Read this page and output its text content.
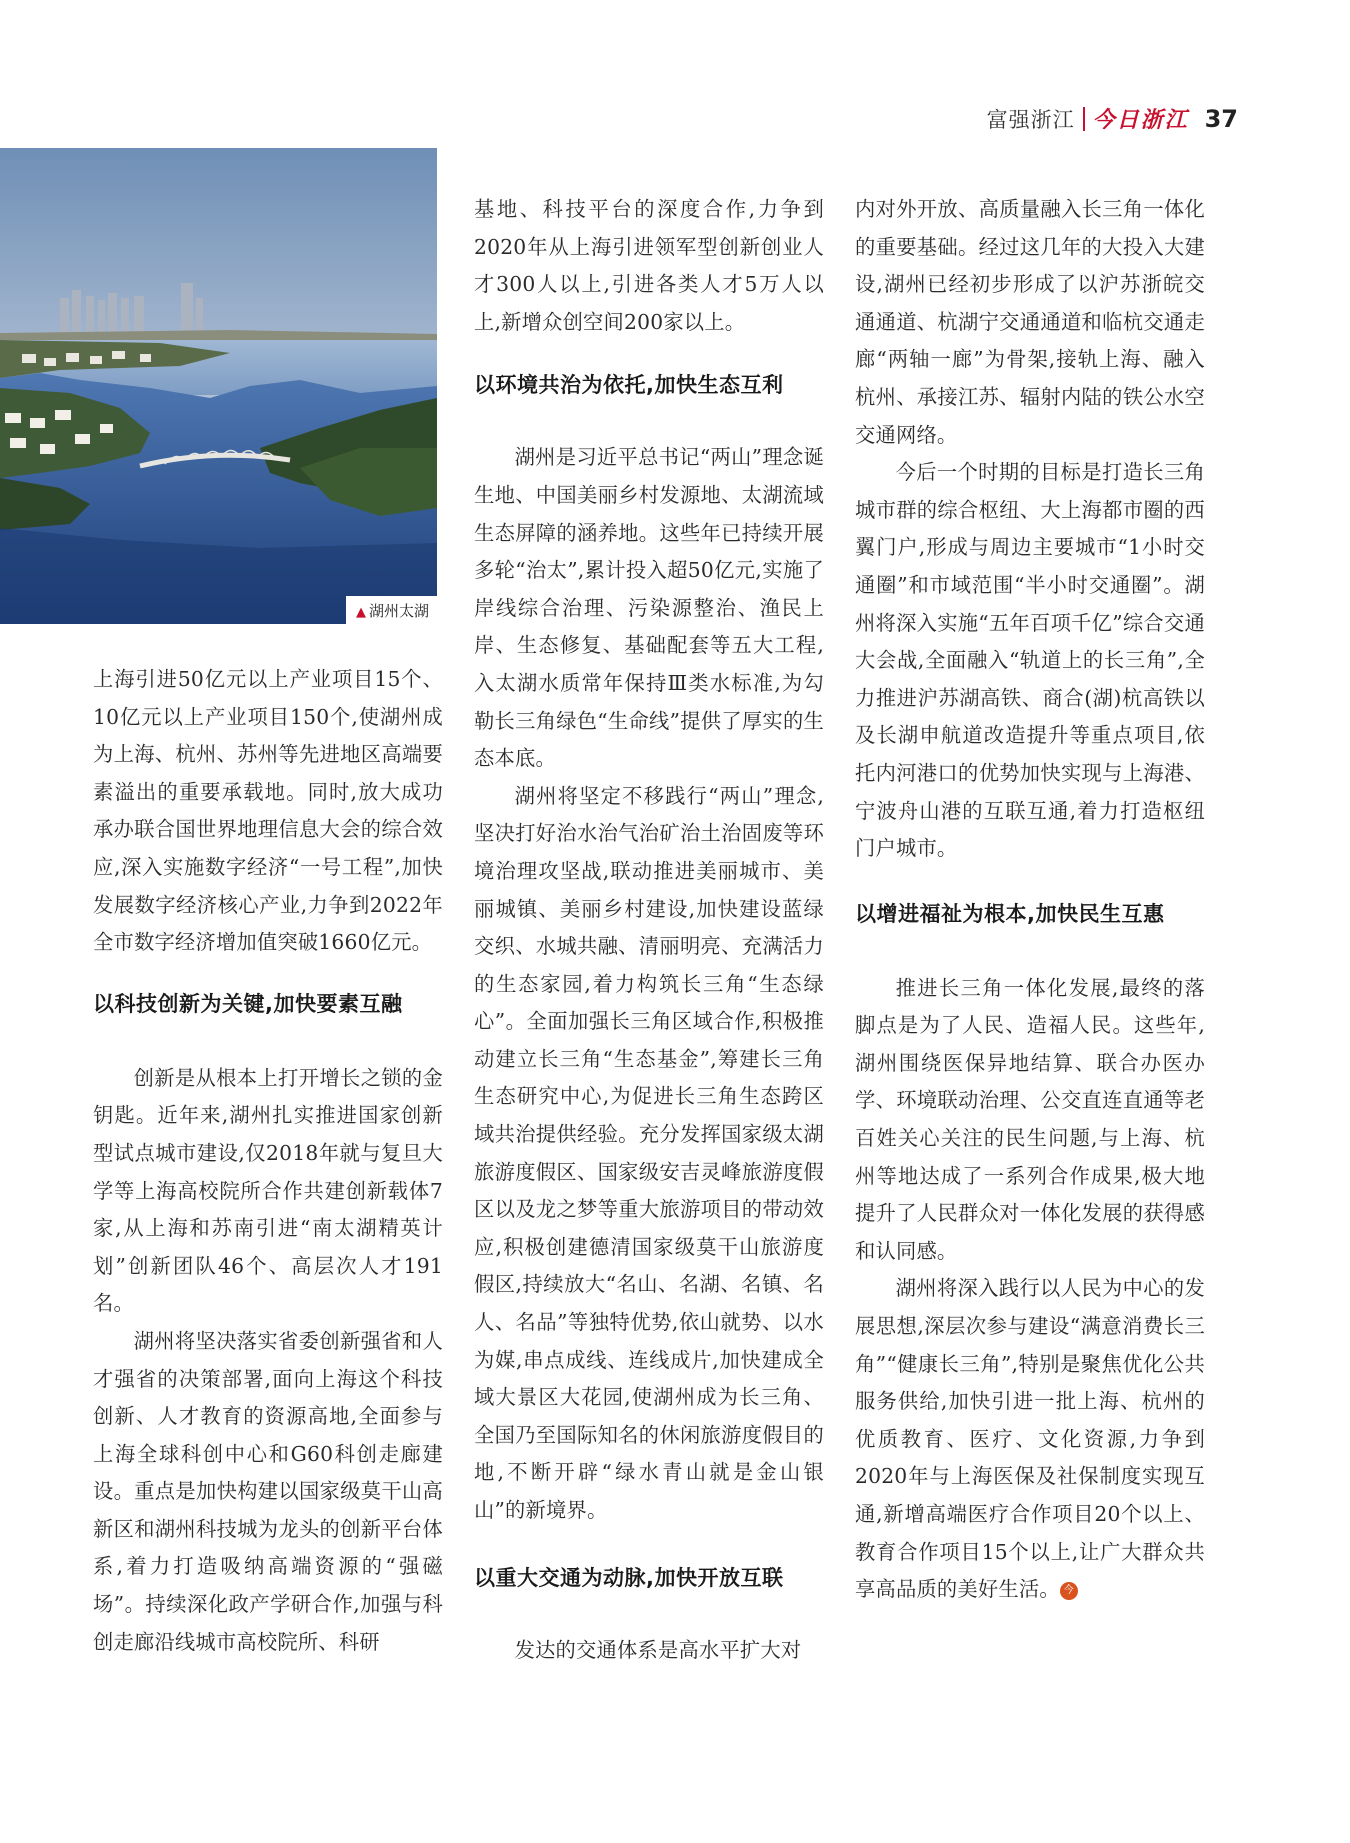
富强浙江 今日浙江 37
▲ 湖州太湖

上海引进50亿元以上产业项目15个、10亿元以上产业项目150个,使湖州成为上海、杭州、苏州等先进地区高端要素溢出的重要承载地。同时,放大成功承办联合国世界地理信息大会的综合效应,深入实施数字经济“一号工程”,加快发展数字经济核心产业,力争到2022年全市数字经济增加值突破1660亿元。

以科技创新为关键,加快要素互融

创新是从根本上打开增长之锁的金钥匙。近年来,湖州扎实推进国家创新型试点城市建设,仅2018年就与复旦大学等上海高校院所合作共建创新载体7家,从上海和苏南引进“南太湖精英计划”创新团队46个、高层次人才191名。

湖州将坚决落实省委创新强省和人才强省的决策部署,面向上海这个科技创新、人才教育的资源高地,全面参与上海全球科创中心和G60科创走廊建设。重点是加快构建以国家级莫干山高新区和湖州科技城为龙头的创新平台体系,着力打造吸纳高端资源的“强磁场”。持续深化政产学研合作,加强与科创走廊沿线城市高校院所、科研

基地、科技平台的深度合作,力争到2020年从上海引进领军型创新创业人才300人以上,引进各类人才5万人以上,新增众创空间200家以上。

以环境共治为依托,加快生态互利

湖州是习近平总书记“两山”理念诞生地、中国美丽乡村发源地、太湖流域生态屏障的涵养地。这些年已持续开展多轮“治太”,累计投入超50亿元,实施了岸线综合治理、污染源整治、渔民上岸、生态修复、基础配套等五大工程,入太湖水质常年保持Ⅲ类水标准,为勾勒长三角绿色“生命线”提供了厚实的生态本底。

湖州将坚定不移践行“两山”理念,坚决打好治水治气治矿治土治固废等环境治理攻坚战,联动推进美丽城市、美丽城镇、美丽乡村建设,加快建设蓝绿交织、水城共融、清丽明亮、充满活力的生态家园,着力构筑长三角“生态绿心”。全面加强长三角区域合作,积极推动建立长三角“生态基金”,筹建长三角生态研究中心,为促进长三角生态跨区域共治提供经验。充分发挥国家级太湖旅游度假区、国家级安吉灵峰旅游度假区以及龙之梦等重大旅游项目的带动效应,积极创建德清国家级莫干山旅游度假区,持续放大“名山、名湖、名镇、名人、名品”等独特优势,依山就势、以水为媒,串点成线、连线成片,加快建成全域大景区大花园,使湖州成为长三角、全国乃至国际知名的休闲旅游度假目的地,不断开辟“绿水青山就是金山银山”的新境界。

以重大交通为动脉,加快开放互联

发达的交通体系是高水平扩大对

内对外开放、高质量融入长三角一体化的重要基础。经过这几年的大投入大建设,湖州已经初步形成了以沪苏浙皖交通通道、杭湖宁交通通道和临杭交通走廊“两轴一廊”为骨架,接轨上海、融入杭州、承接江苏、辐射内陆的铁公水空交通网络。

今后一个时期的目标是打造长三角城市群的综合枢纽、大上海都市圈的西翼门户,形成与周边主要城市“1小时交通圈”和市域范围“半小时交通圈”。湖州将深入实施“五年百项千亿”综合交通大会战,全面融入“轨道上的长三角”,全力推进沪苏湖高铁、商合(湖)杭高铁以及长湖申航道改造提升等重点项目,依托内河港口的优势加快实现与上海港、宁波舟山港的互联互通,着力打造枢纽门户城市。

以增进福祉为根本,加快民生互惠

推进长三角一体化发展,最终的落脚点是为了人民、造福人民。这些年,湖州围绕医保异地结算、联合办医办学、环境联动治理、公交直连直通等老百姓关心关注的民生问题,与上海、杭州等地达成了一系列合作成果,极大地提升了人民群众对一体化发展的获得感和认同感。

湖州将深入践行以人民为中心的发展思想,深层次参与建设“满意消费长三角”“健康长三角”,特别是聚焦优化公共服务供给,加快引进一批上海、杭州的优质教育、医疗、文化资源,力争到2020年与上海医保及社保制度实现互通,新增高端医疗合作项目20个以上、教育合作项目15个以上,让广大群众共享高品质的美好生活。 今
